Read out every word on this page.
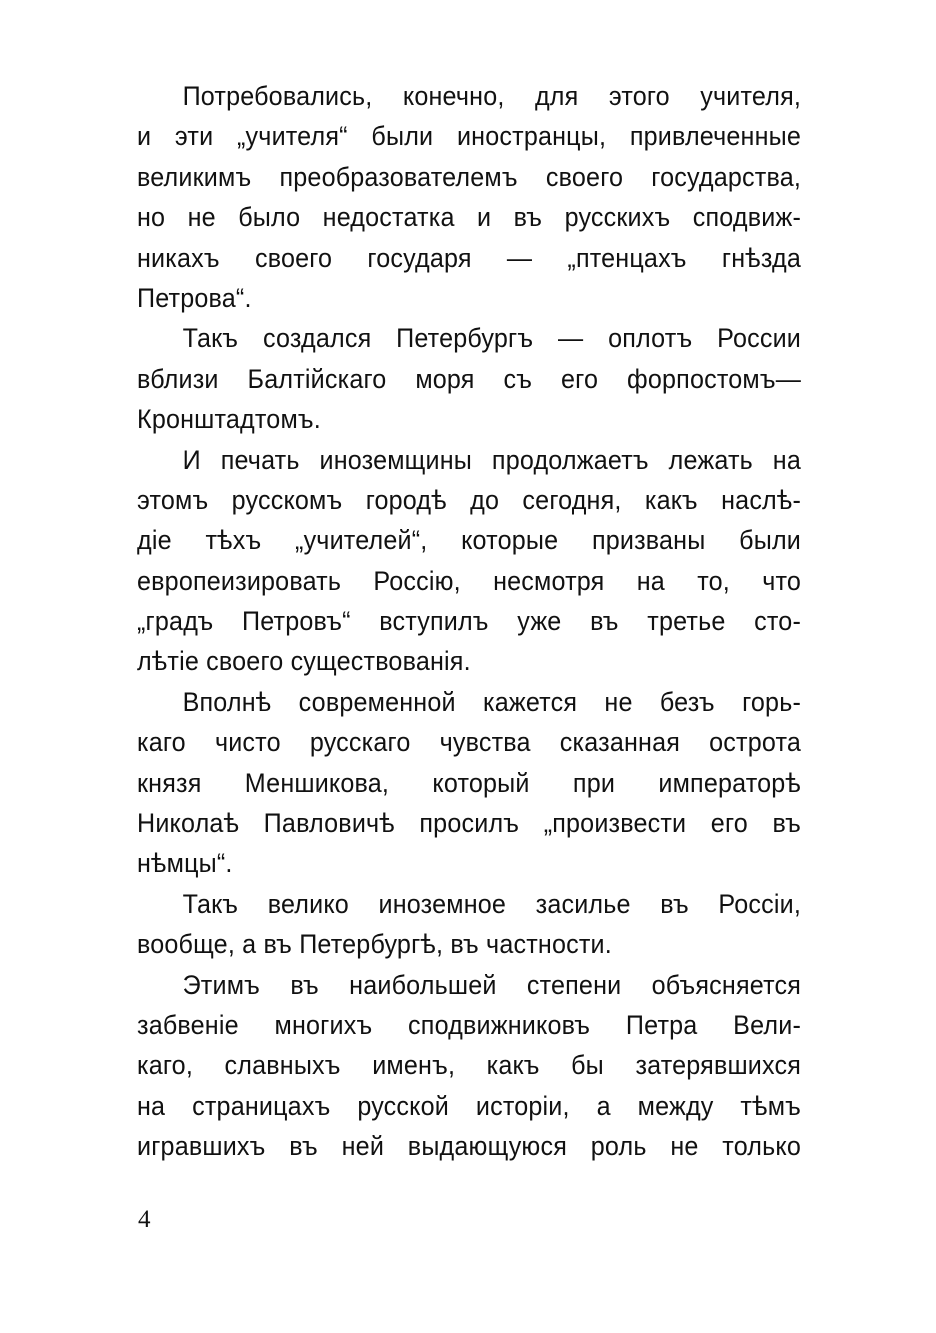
Потребовались, конечно, для этого учителя,
и эти „учителя“ были иностранцы, привлеченные
великимъ преобразователемъ своего государства,
но не было недостатка и въ русскихъ сподвиж-
никахъ своего государя — „птенцахъ гнѣзда
Петрова“.
Такъ создался Петербургъ — оплотъ России
вблизи Балтійскаго моря съ его форпостомъ—
Кронштадтомъ.
И печать иноземщины продолжаетъ лежать на
этомъ русскомъ городѣ до сегодня, какъ наслѣ-
діе тѣхъ „учителей“, которые призваны были
европеизировать Россію, несмотря на то, что
„градъ Петровъ“ вступилъ уже въ третье сто-
лѣтіе своего существованія.
Вполнѣ современной кажется не безъ горь-
каго чисто русскаго чувства сказанная острота
князя Меншикова, который при императорѣ
Николаѣ Павловичѣ просилъ „произвести его въ
нѣмцы“.
Такъ велико иноземное засилье въ Россіи,
вообще, а въ Петербургѣ, въ частности.
Этимъ въ наибольшей степени объясняется
забвеніе многихъ сподвижниковъ Петра Вели-
каго, славныхъ именъ, какъ бы затерявшихся
на страницахъ русской исторіи, а между тѣмъ
игравшихъ въ ней выдающуюся роль не только
4
